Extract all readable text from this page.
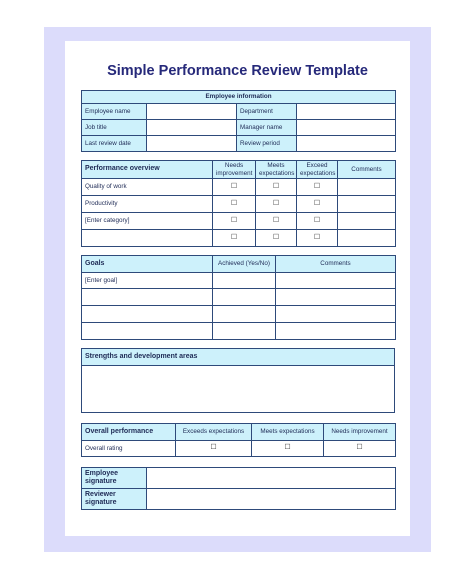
Simple Performance Review Template
Employee information			
Employee name		Department	
Job title		Manager name	
Last review date		Review period	
Performance overview	Needs improvement	Meets expectations	Exceed expectations	Comments
Quality of work	☐	☐	☐	
Productivity	☐	☐	☐	
[Enter category]	☐	☐	☐	
	☐	☐	☐	
Goals	Achieved (Yes/No)	Comments
[Enter goal]		

Strengths and development areas

Overall performance	Exceeds expectations	Meets expectations	Needs improvement
Overall rating	☐	☐	☐
Employee signature	
Reviewer signature	
